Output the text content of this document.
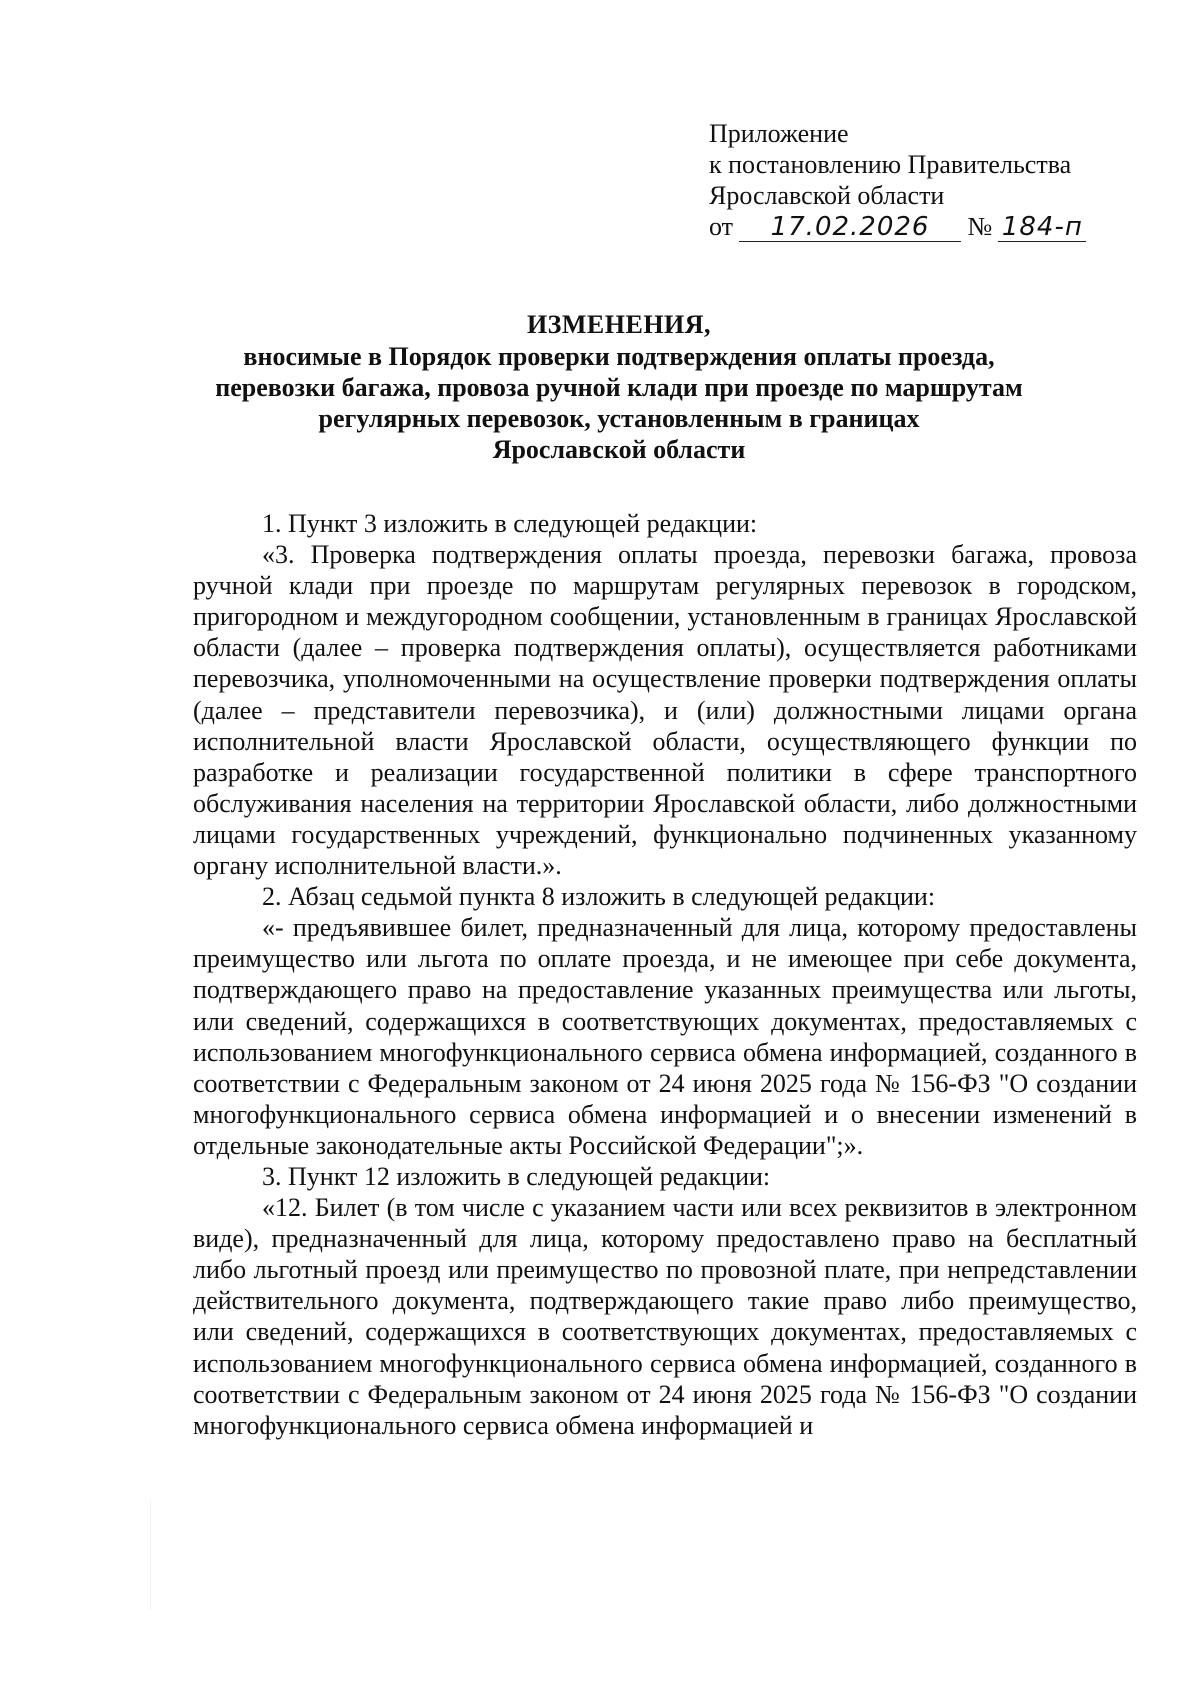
Приложение
к постановлению Правительства
Ярославской области
от 17.02.2026 № 184-п
ИЗМЕНЕНИЯ,
вносимые в Порядок проверки подтверждения оплаты проезда,
перевозки багажа, провоза ручной клади при проезде по маршрутам
регулярных перевозок, установленным в границах
Ярославской области

1. Пункт 3 изложить в следующей редакции:

«3. Проверка подтверждения оплаты проезда, перевозки багажа, провоза ручной клади при проезде по маршрутам регулярных перевозок в городском, пригородном и междугородном сообщении, установленным в границах Ярославской области (далее – проверка подтверждения оплаты), осуществляется работниками перевозчика, уполномоченными на осуществление проверки подтверждения оплаты (далее – представители перевозчика), и (или) должностными лицами органа исполнительной власти Ярославской области, осуществляющего функции по разработке и реализации государственной политики в сфере транспортного обслуживания населения на территории Ярославской области, либо должностными лицами государственных учреждений, функционально подчиненных указанному органу исполнительной власти.».

2. Абзац седьмой пункта 8 изложить в следующей редакции:

«- предъявившее билет, предназначенный для лица, которому предоставлены преимущество или льгота по оплате проезда, и не имеющее при себе документа, подтверждающего право на предоставление указанных преимущества или льготы, или сведений, содержащихся в соответствующих документах, предоставляемых с использованием многофункционального сервиса обмена информацией, созданного в соответствии с Федеральным законом от 24 июня 2025 года № 156-ФЗ "О создании многофункционального сервиса обмена информацией и о внесении изменений в отдельные законодательные акты Российской Федерации";».

3. Пункт 12 изложить в следующей редакции:

«12. Билет (в том числе с указанием части или всех реквизитов в электронном виде), предназначенный для лица, которому предоставлено право на бесплатный либо льготный проезд или преимущество по провозной плате, при непредставлении действительного документа, подтверждающего такие право либо преимущество, или сведений, содержащихся в соответствующих документах, предоставляемых с использованием многофункционального сервиса обмена информацией, созданного в соответствии с Федеральным законом от 24 июня 2025 года № 156-ФЗ "О создании многофункционального сервиса обмена информацией и
